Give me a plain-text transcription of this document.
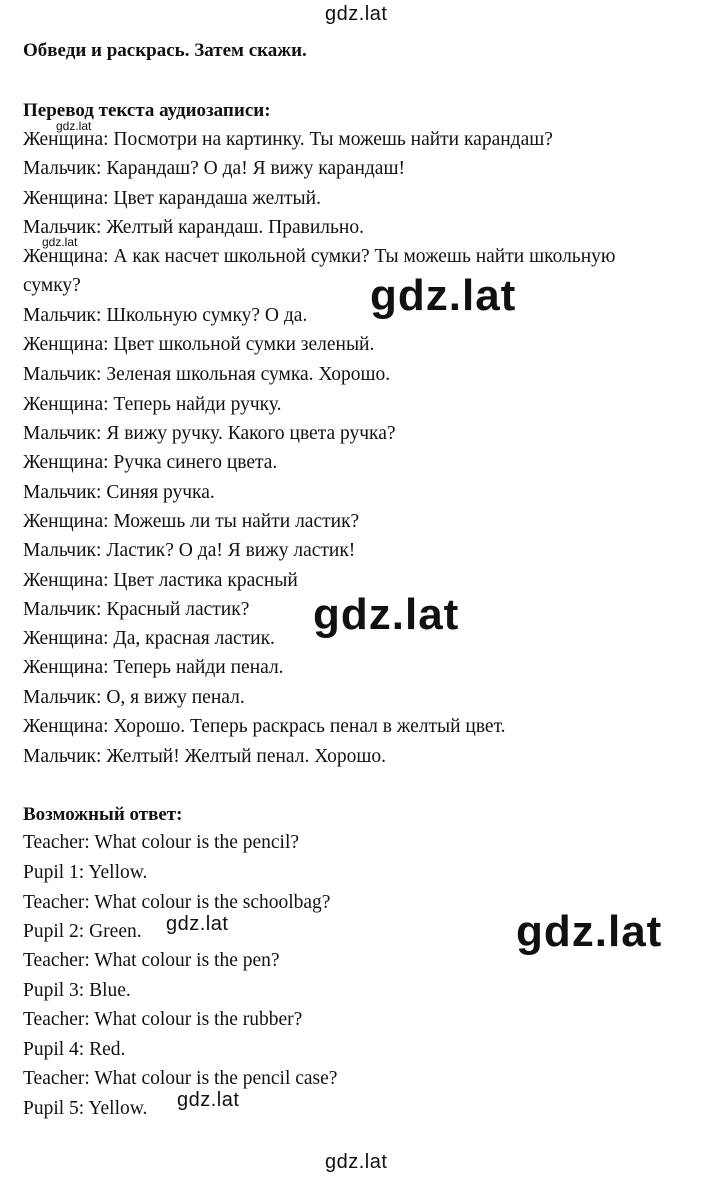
gdz.lat
Обведи и раскрась. Затем скажи.
Перевод текста аудиозаписи:
Женщина: Посмотри на картинку. Ты можешь найти карандаш?
Мальчик: Карандаш? О да! Я вижу карандаш!
Женщина: Цвет карандаша желтый.
Мальчик: Желтый карандаш. Правильно.
Женщина: А как насчет школьной сумки? Ты можешь найти школьную
сумку?
Мальчик: Школьную сумку? О да.
Женщина: Цвет школьной сумки зеленый.
Мальчик: Зеленая школьная сумка. Хорошо.
Женщина: Теперь найди ручку.
Мальчик: Я вижу ручку. Какого цвета ручка?
Женщина: Ручка синего цвета.
Мальчик: Синяя ручка.
Женщина: Можешь ли ты найти ластик?
Мальчик: Ластик? О да! Я вижу ластик!
Женщина: Цвет ластика красный
Мальчик: Красный ластик?
Женщина: Да, красная ластик.
Женщина: Теперь найди пенал.
Мальчик: О, я вижу пенал.
Женщина: Хорошо. Теперь раскрась пенал в желтый цвет.
Мальчик: Желтый! Желтый пенал. Хорошо.
Возможный ответ:
Teacher: What colour is the pencil?
Pupil 1: Yellow.
Teacher: What colour is the schoolbag?
Pupil 2: Green.
Teacher: What colour is the pen?
Pupil 3: Blue.
Teacher: What colour is the rubber?
Pupil 4: Red.
Teacher: What colour is the pencil case?
Pupil 5: Yellow.
gdz.lat
gdz.lat
gdz.lat
gdz.lat
gdz.lat
gdz.lat
gdz.lat
gdz.lat
